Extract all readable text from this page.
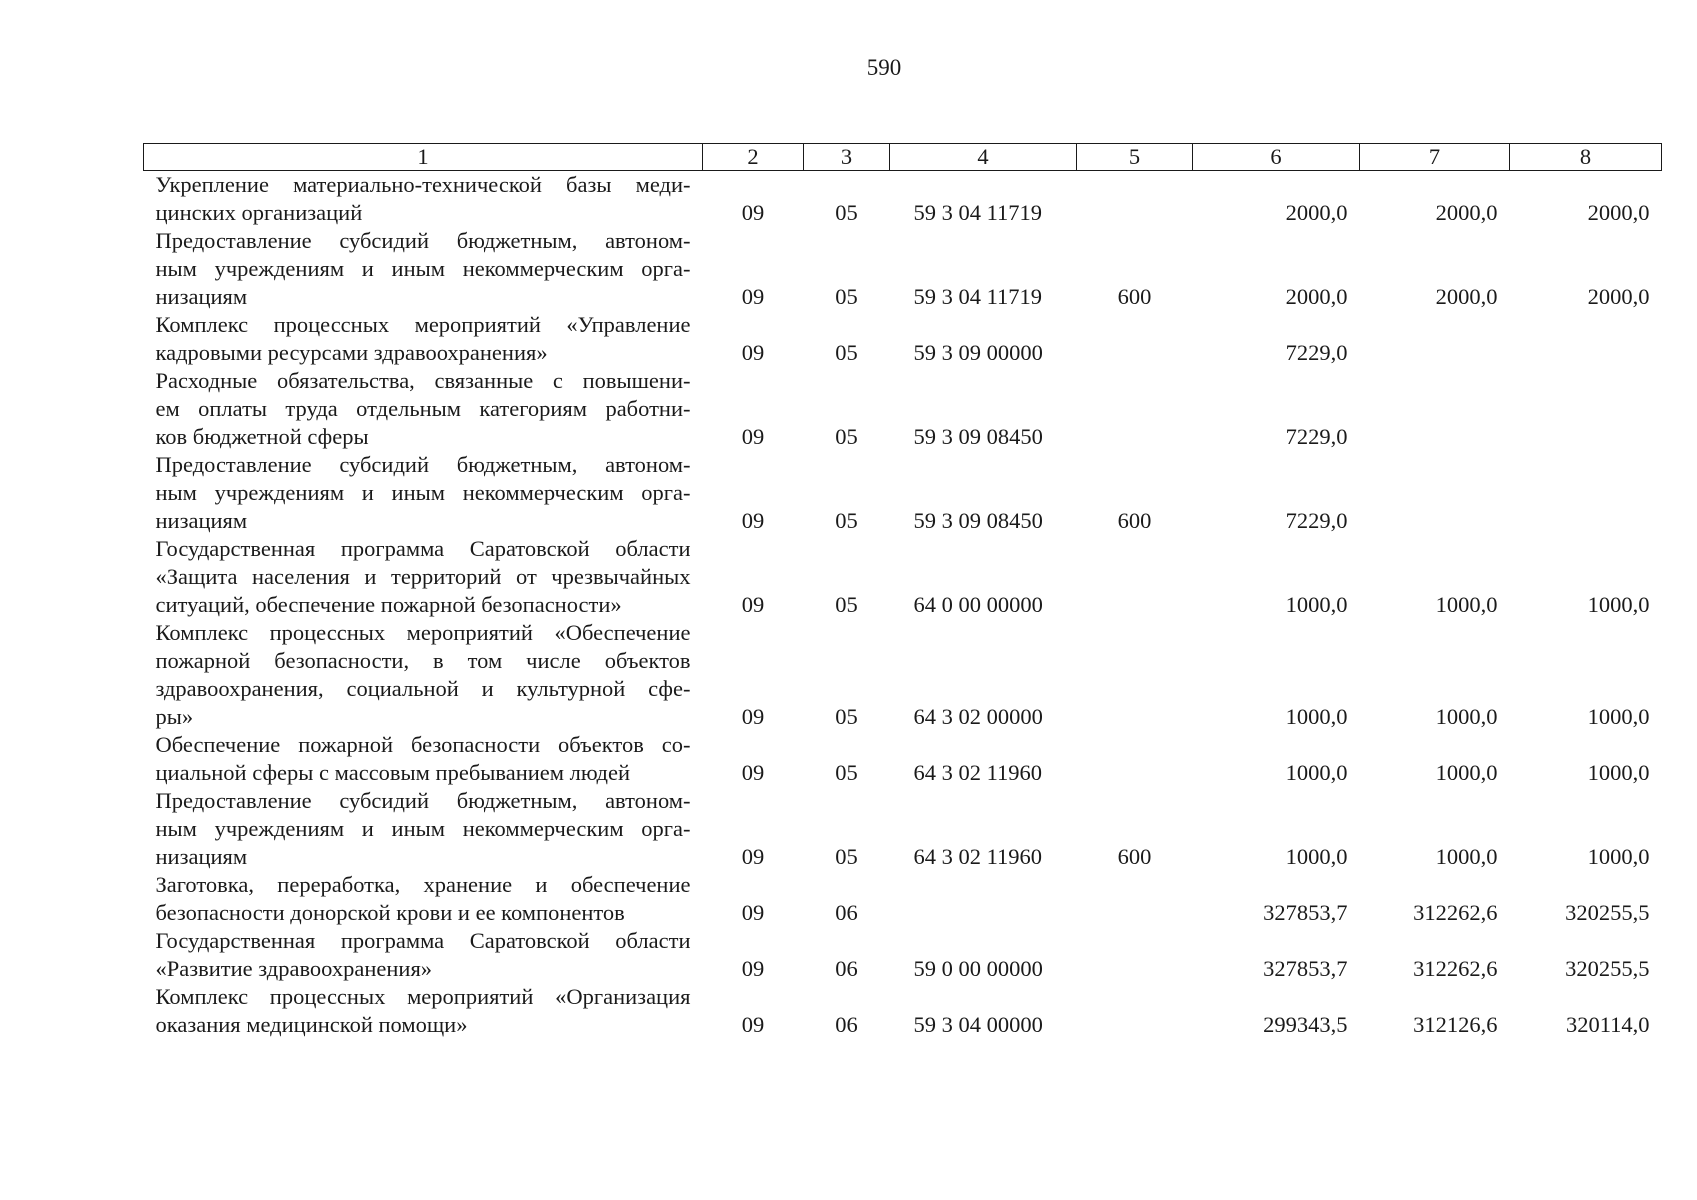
590
1	2	3	4	5	6	7	8

Укрепление материально-технической базы меди-
цинских организаций	09	05	59 3 04 11719		2000,0	2000,0	2000,0

Предоставление субсидий бюджетным, автоном-
ным учреждениям и иным некоммерческим орга-
низациям	09	05	59 3 04 11719	600	2000,0	2000,0	2000,0

Комплекс процессных мероприятий «Управление
кадровыми ресурсами здравоохранения»	09	05	59 3 09 00000		7229,0		

Расходные обязательства, связанные с повышени-
ем оплаты труда отдельным категориям работни-
ков бюджетной сферы	09	05	59 3 09 08450		7229,0		

Предоставление субсидий бюджетным, автоном-
ным учреждениям и иным некоммерческим орга-
низациям	09	05	59 3 09 08450	600	7229,0		

Государственная программа Саратовской области
«Защита населения и территорий от чрезвычайных
ситуаций, обеспечение пожарной безопасности»	09	05	64 0 00 00000		1000,0	1000,0	1000,0

Комплекс процессных мероприятий «Обеспечение
пожарной безопасности, в том числе объектов
здравоохранения, социальной и культурной сфе-
ры»	09	05	64 3 02 00000		1000,0	1000,0	1000,0

Обеспечение пожарной безопасности объектов со-
циальной сферы с массовым пребыванием людей	09	05	64 3 02 11960		1000,0	1000,0	1000,0

Предоставление субсидий бюджетным, автоном-
ным учреждениям и иным некоммерческим орга-
низациям	09	05	64 3 02 11960	600	1000,0	1000,0	1000,0

Заготовка, переработка, хранение и обеспечение
безопасности донорской крови и ее компонентов	09	06			327853,7	312262,6	320255,5

Государственная программа Саратовской области
«Развитие здравоохранения»	09	06	59 0 00 00000		327853,7	312262,6	320255,5

Комплекс процессных мероприятий «Организация
оказания медицинской помощи»	09	06	59 3 04 00000		299343,5	312126,6	320114,0
